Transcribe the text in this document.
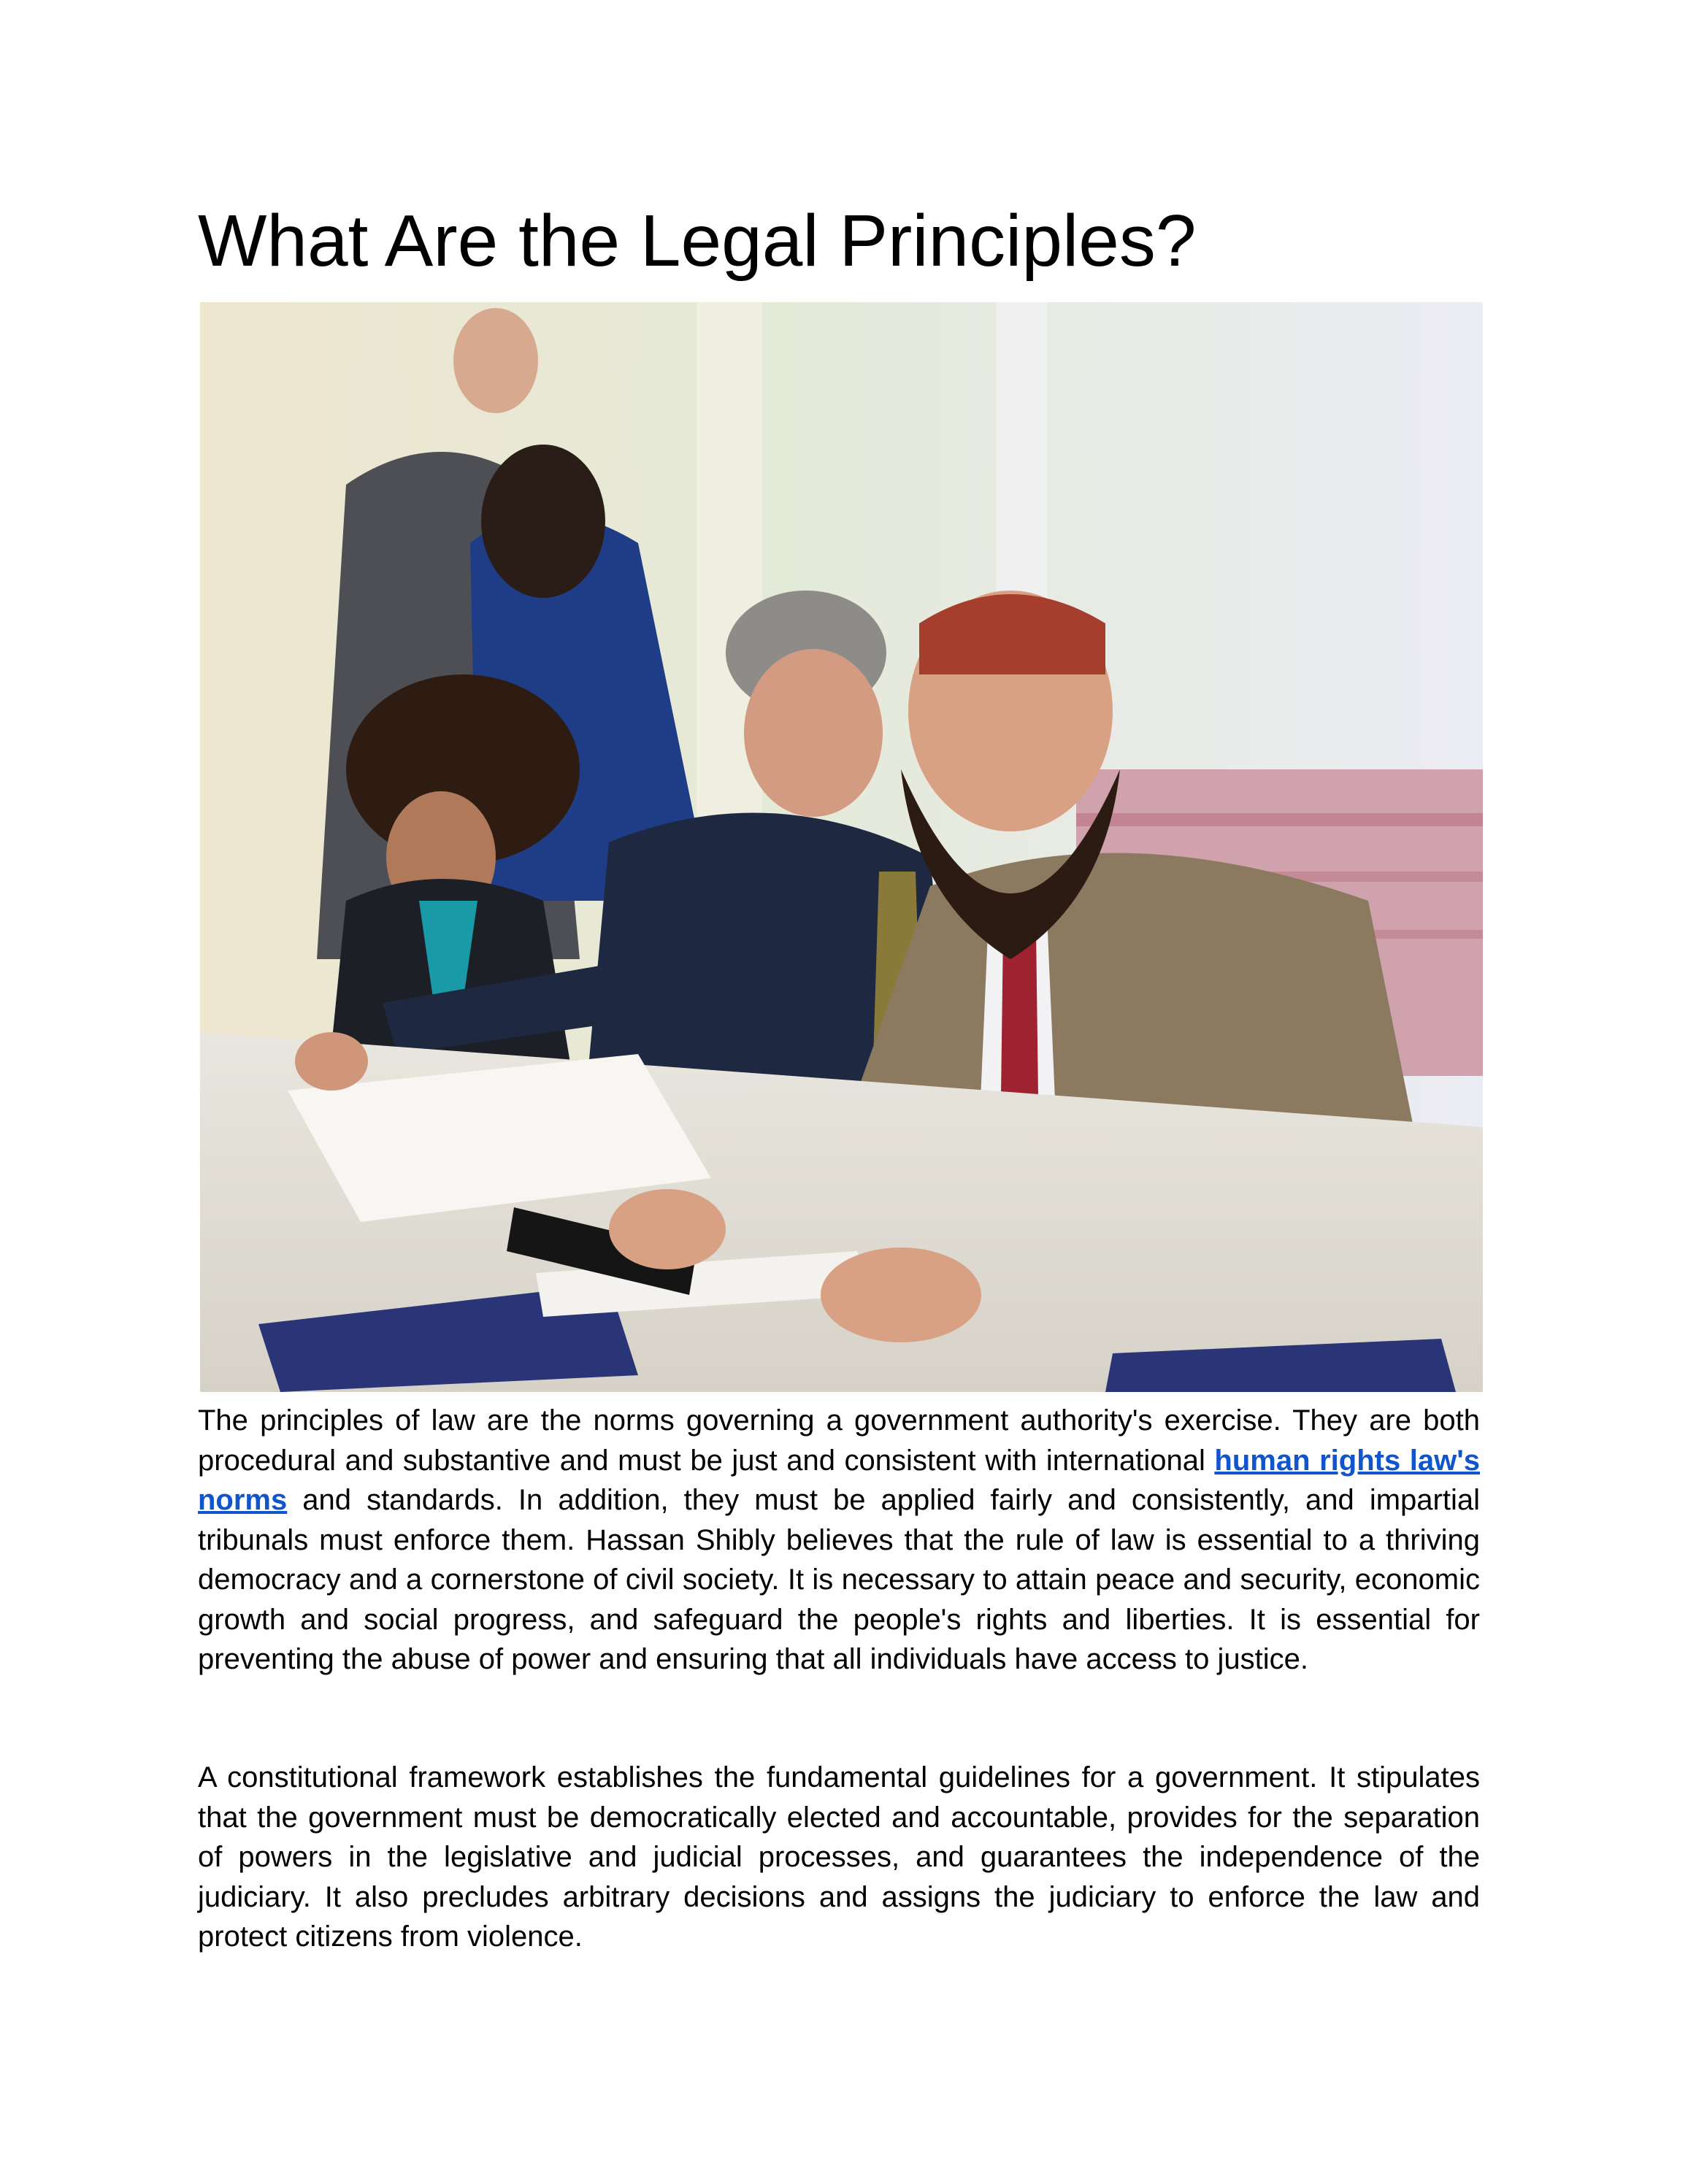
What Are the Legal Principles?

The principles of law are the norms governing a government authority's exercise. They are both procedural and substantive and must be just and consistent with international human rights law's norms and standards. In addition, they must be applied fairly and consistently, and impartial tribunals must enforce them. Hassan Shibly believes that the rule of law is essential to a thriving democracy and a cornerstone of civil society. It is necessary to attain peace and security, economic growth and social progress, and safeguard the people's rights and liberties. It is essential for preventing the abuse of power and ensuring that all individuals have access to justice.

A constitutional framework establishes the fundamental guidelines for a government. It stipulates that the government must be democratically elected and accountable, provides for the separation of powers in the legislative and judicial processes, and guarantees the independence of the judiciary. It also precludes arbitrary decisions and assigns the judiciary to enforce the law and protect citizens from violence.
